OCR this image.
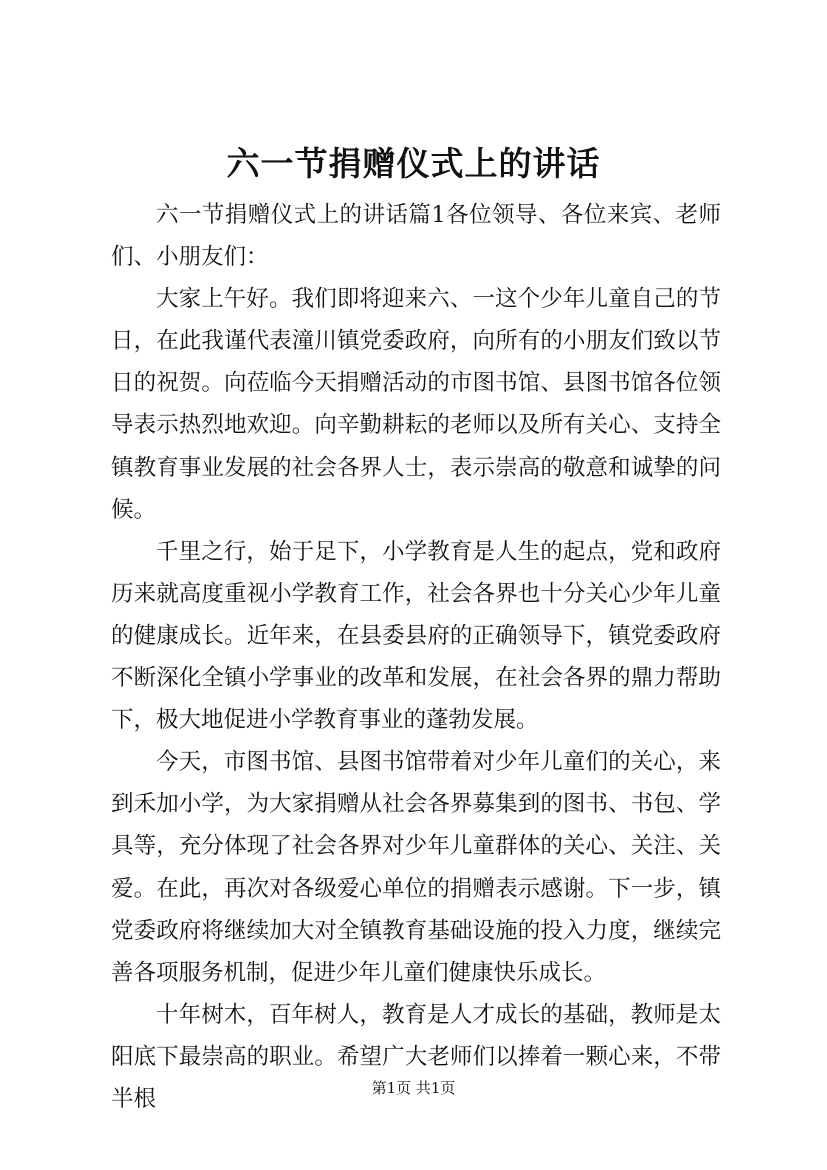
六一节捐赠仪式上的讲话

六一节捐赠仪式上的讲话篇1各位领导、各位来宾、老师们、小朋友们：

大家上午好。我们即将迎来六、一这个少年儿童自己的节日，在此我谨代表潼川镇党委政府，向所有的小朋友们致以节日的祝贺。向莅临今天捐赠活动的市图书馆、县图书馆各位领导表示热烈地欢迎。向辛勤耕耘的老师以及所有关心、支持全镇教育事业发展的社会各界人士，表示崇高的敬意和诚挚的问候。

千里之行，始于足下，小学教育是人生的起点，党和政府历来就高度重视小学教育工作，社会各界也十分关心少年儿童的健康成长。近年来，在县委县府的正确领导下，镇党委政府不断深化全镇小学事业的改革和发展，在社会各界的鼎力帮助下，极大地促进小学教育事业的蓬勃发展。

今天，市图书馆、县图书馆带着对少年儿童们的关心，来到禾加小学，为大家捐赠从社会各界募集到的图书、书包、学具等，充分体现了社会各界对少年儿童群体的关心、关注、关爱。在此，再次对各级爱心单位的捐赠表示感谢。下一步，镇党委政府将继续加大对全镇教育基础设施的投入力度，继续完善各项服务机制，促进少年儿童们健康快乐成长。

十年树木，百年树人，教育是人才成长的基础，教师是太阳底下最崇高的职业。希望广大老师们以捧着一颗心来，不带半根	第1页 共1页
